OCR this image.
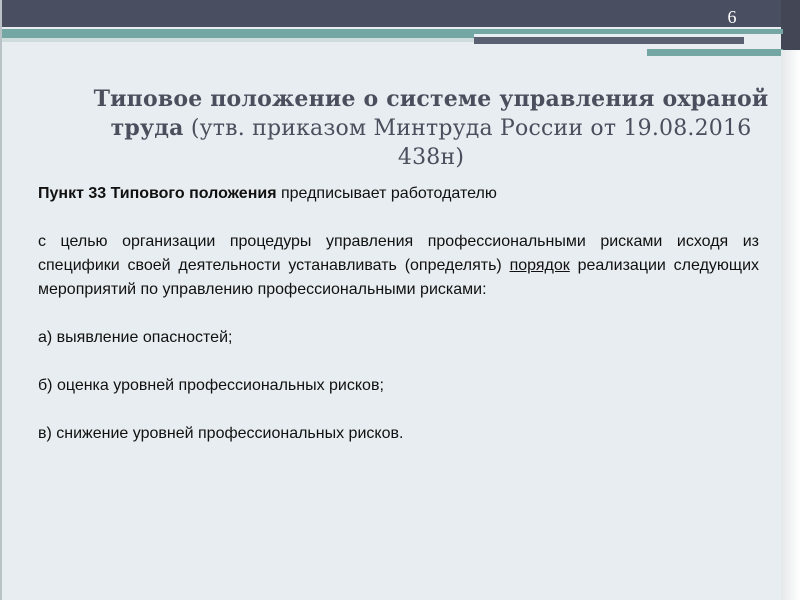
6
Типовое положение о системе управления охраной труда (утв. приказом Минтруда России от 19.08.2016 438н)

Пункт 33 Типового положения предписывает работодателю

с целью организации процедуры управления профессиональными рисками исходя из специфики своей деятельности устанавливать (определять) порядок реализации следующих мероприятий по управлению профессиональными рисками:

а) выявление опасностей;

б) оценка уровней профессиональных рисков;

в) снижение уровней профессиональных рисков.
